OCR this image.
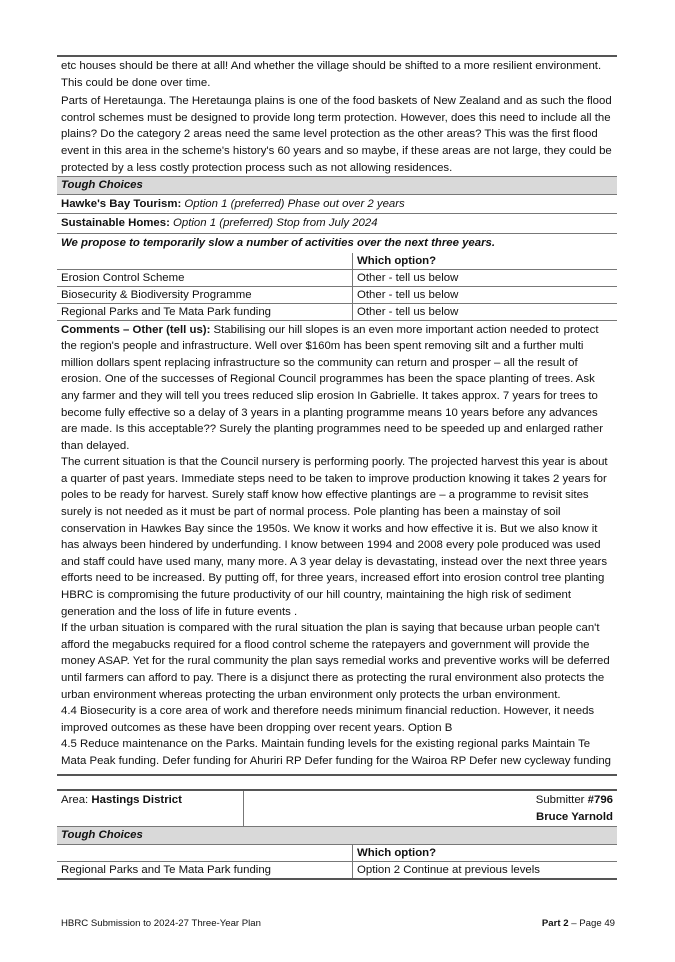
etc houses should be there at all! And whether the village should be shifted to a more resilient environment. This could be done over time.

Parts of Heretaunga. The Heretaunga plains is one of the food baskets of New Zealand and as such the flood control schemes must be designed to provide long term protection. However, does this need to include all the plains? Do the category 2 areas need the same level protection as the other areas? This was the first flood event in this area in the scheme's history's 60 years and so maybe, if these areas are not large, they could be protected by a less costly protection process such as not allowing residences.

Tough Choices
Hawke's Bay Tourism: Option 1 (preferred) Phase out over 2 years
Sustainable Homes: Option 1 (preferred) Stop from July 2024
We propose to temporarily slow a number of activities over the next three years.
	Which option?
Erosion Control Scheme	Other - tell us below
Biosecurity & Biodiversity Programme	Other - tell us below
Regional Parks and Te Mata Park funding	Other - tell us below

Comments – Other (tell us): Stabilising our hill slopes is an even more important action needed to protect the region's people and infrastructure. Well over $160m has been spent removing silt and a further multi million dollars spent replacing infrastructure so the community can return and prosper – all the result of erosion. One of the successes of Regional Council programmes has been the space planting of trees. Ask any farmer and they will tell you trees reduced slip erosion In Gabrielle. It takes approx. 7 years for trees to become fully effective so a delay of 3 years in a planting programme means 10 years before any advances are made. Is this acceptable?? Surely the planting programmes need to be speeded up and enlarged rather than delayed.

The current situation is that the Council nursery is performing poorly. The projected harvest this year is about a quarter of past years. Immediate steps need to be taken to improve production knowing it takes 2 years for poles to be ready for harvest. Surely staff know how effective plantings are – a programme to revisit sites surely is not needed as it must be part of normal process. Pole planting has been a mainstay of soil conservation in Hawkes Bay since the 1950s. We know it works and how effective it is. But we also know it has always been hindered by underfunding. I know between 1994 and 2008 every pole produced was used and staff could have used many, many more. A 3 year delay is devastating, instead over the next three years efforts need to be increased. By putting off, for three years, increased effort into erosion control tree planting HBRC is compromising the future productivity of our hill country, maintaining the high risk of sediment generation and the loss of life in future events .

If the urban situation is compared with the rural situation the plan is saying that because urban people can't afford the megabucks required for a flood control scheme the ratepayers and government will provide the money ASAP. Yet for the rural community the plan says remedial works and preventive works will be deferred until farmers can afford to pay. There is a disjunct there as protecting the rural environment also protects the urban environment whereas protecting the urban environment only protects the urban environment.

4.4 Biosecurity is a core area of work and therefore needs minimum financial reduction. However, it needs improved outcomes as these have been dropping over recent years. Option B

4.5 Reduce maintenance on the Parks. Maintain funding levels for the existing regional parks Maintain Te Mata Peak funding. Defer funding for Ahuriri RP Defer funding for the Wairoa RP Defer new cycleway funding

Area: Hastings District	Submitter #796
Bruce Yarnold
Tough Choices
	Which option?
Regional Parks and Te Mata Park funding	Option 2 Continue at previous levels
HBRC Submission to 2024-27 Three-Year Plan	Part 2 – Page 49
